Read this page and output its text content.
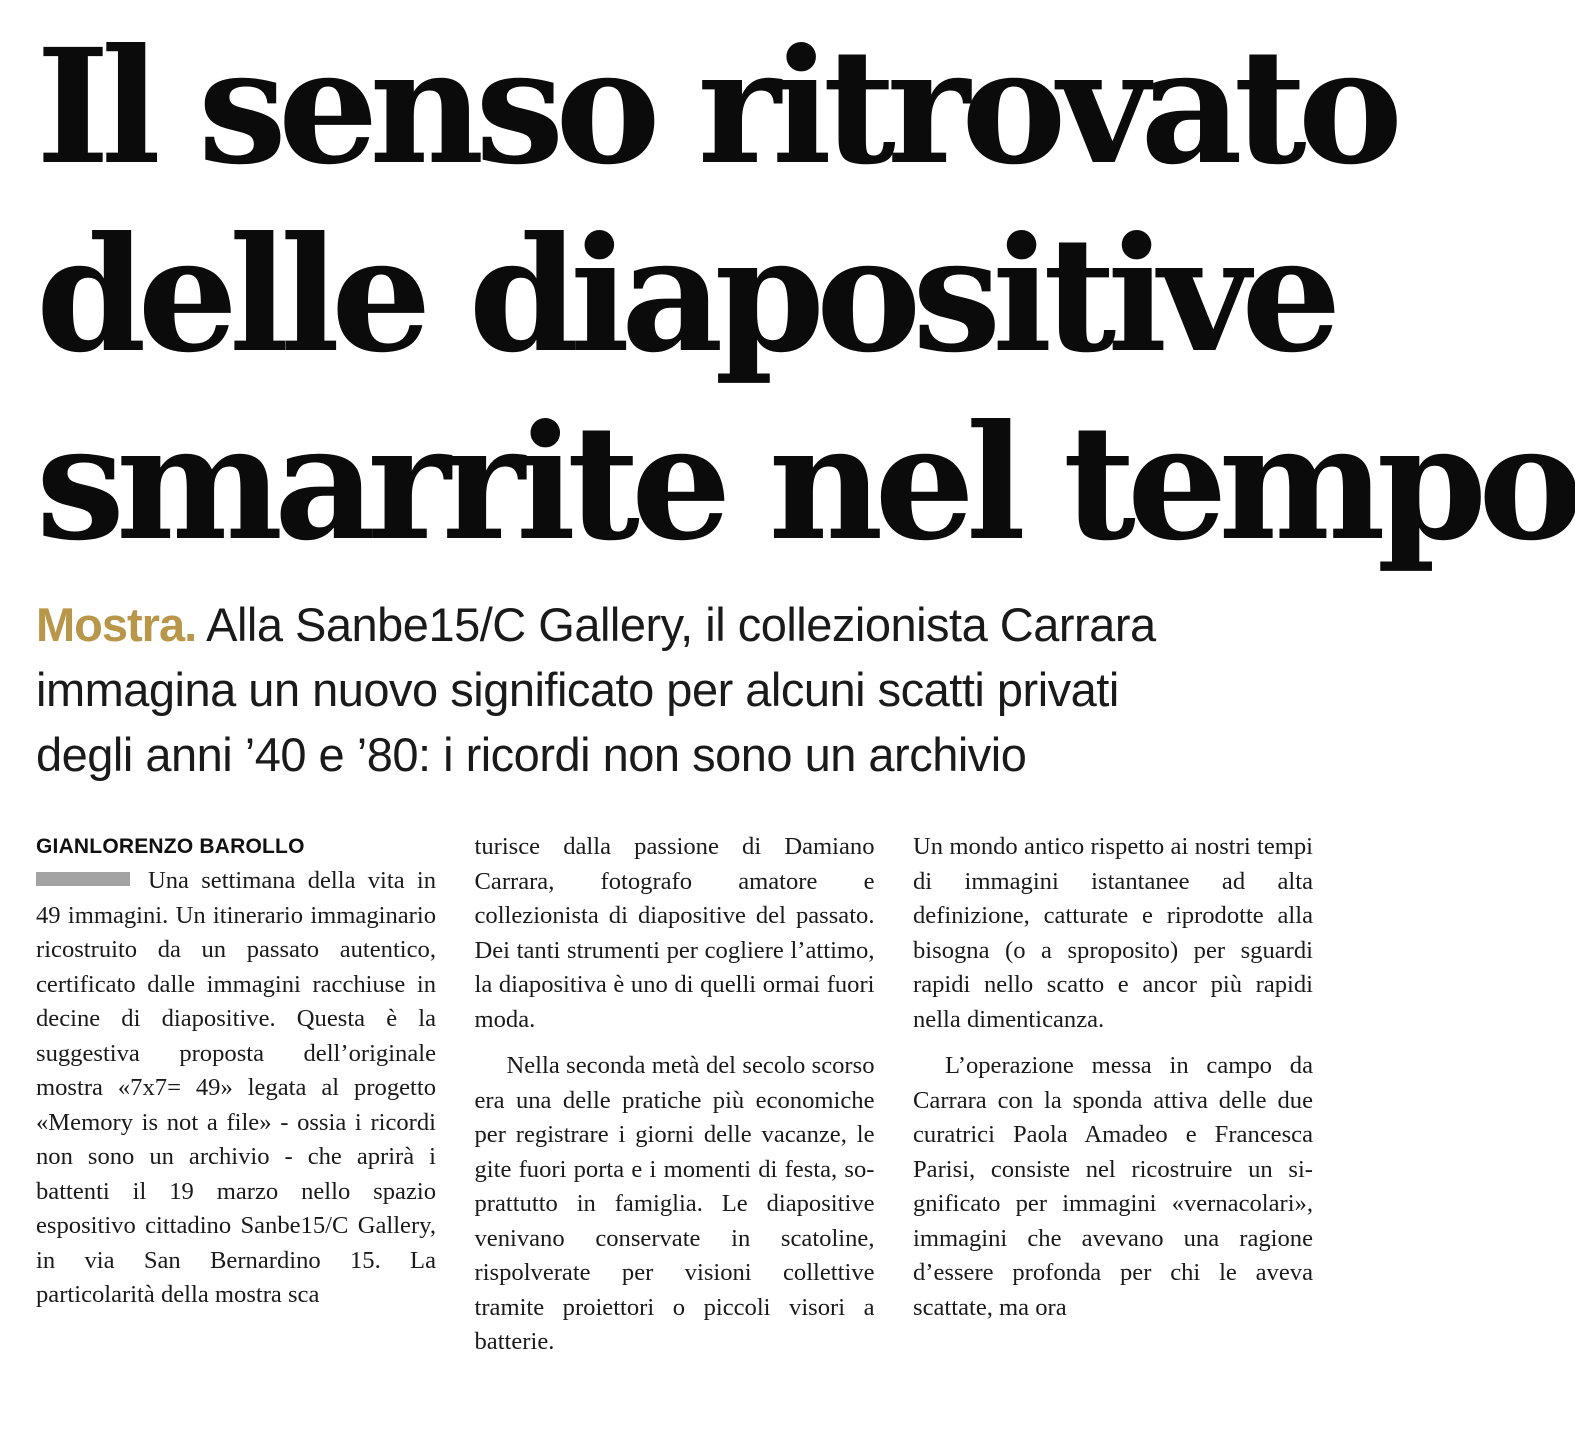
Il senso ritrovato
delle diapositive
smarrite nel tempo
Mostra. Alla Sanbe15/C Gallery, il collezionista Carrara
immagina un nuovo significato per alcuni scatti privati
degli anni ’40 e ’80: i ricordi non sono un archivio
GIANLORENZO BAROLLO

Una settimana della vita in 49 immagini. Un itinerario immaginario ricostruito da un passato autentico, certificato dalle immagini racchiuse in decine di diapositive. Questa è la suggestiva proposta dell’originale mostra «7x7= 49» legata al progetto «Memory is not a file» - ossia i ricordi non sono un archivio - che aprirà i battenti il 19 marzo nello spazio espositivo cittadino Sanbe15/C Gallery, in via San Bernardino 15. La particolarità della mostra sca

turisce dalla passione di Damiano Carrara, fotografo amatore e collezionista di diapositive del passato. Dei tanti strumenti per cogliere l’attimo, la diapositiva è uno di quelli ormai fuori moda.

Nella seconda metà del secolo scorso era una delle pratiche più economiche per registrare i giorni delle vacanze, le gite fuori porta e i momenti di festa, soprattutto in famiglia. Le diapositive venivano conservate in scatoline, rispolverate per visioni collettive tramite proiettori o piccoli visori a batterie.

Un mondo antico rispetto ai nostri tempi di immagini istantanee ad alta definizione, catturate e riprodotte alla bisogna (o a sproposito) per sguardi rapidi nello scatto e ancor più rapidi nella dimenticanza.

L’operazione messa in campo da Carrara con la sponda attiva delle due curatrici Paola Amadeo e Francesca Parisi, consiste nel ricostruire un significato per immagini «vernacolari», immagini che avevano una ragione d’essere profonda per chi le aveva scattate, ma ora
